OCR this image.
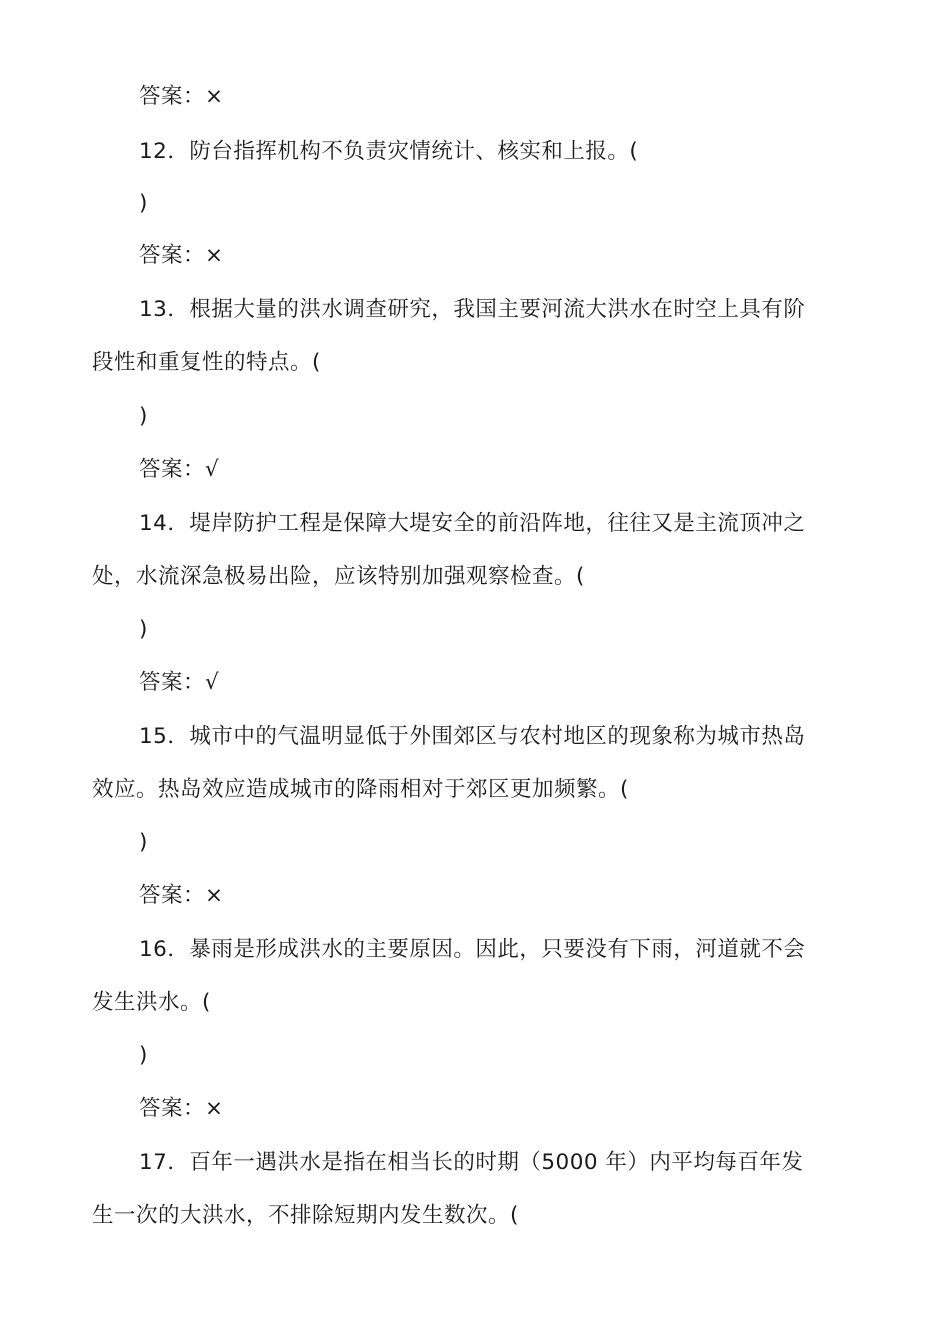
答案：×
12．防台指挥机构不负责灾情统计、核实和上报。(
)
答案：×
13．根据大量的洪水调查研究，我国主要河流大洪水在时空上具有阶
段性和重复性的特点。(
)
答案：√
14．堤岸防护工程是保障大堤安全的前沿阵地，往往又是主流顶冲之
处，水流深急极易出险，应该特别加强观察检查。(
)
答案：√
15．城市中的气温明显低于外围郊区与农村地区的现象称为城市热岛
效应。热岛效应造成城市的降雨相对于郊区更加频繁。(
)
答案：×
16．暴雨是形成洪水的主要原因。因此，只要没有下雨，河道就不会
发生洪水。(
)
答案：×
17．百年一遇洪水是指在相当长的时期（5000 年）内平均每百年发
生一次的大洪水，不排除短期内发生数次。(
